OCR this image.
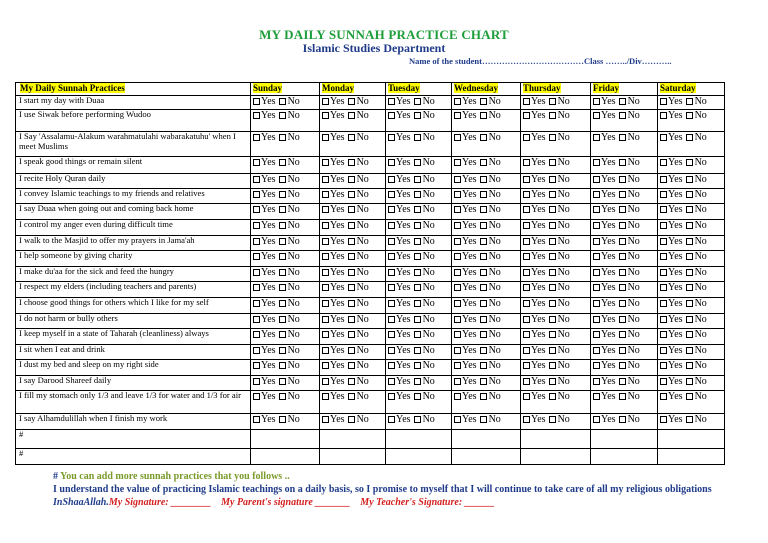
MY DAILY SUNNAH PRACTICE CHART
Islamic Studies Department
Name of the student………………………………Class ……../Div………..
My Daily Sunnah Practices	Sunday	Monday	Tuesday	Wednesday	Thursday	Friday	Saturday
I start my day with Duaa	Yes No	Yes No	Yes No	Yes No	Yes No	Yes No	Yes No
I use Siwak before performing Wudoo	Yes No	Yes No	Yes No	Yes No	Yes No	Yes No	Yes No
I Say 'Assalamu-Alakum warahmatulahi wabarakatuhu' when I meet Muslims	Yes No	Yes No	Yes No	Yes No	Yes No	Yes No	Yes No
I speak good things or remain silent	Yes No	Yes No	Yes No	Yes No	Yes No	Yes No	Yes No
I recite Holy Quran daily	Yes No	Yes No	Yes No	Yes No	Yes No	Yes No	Yes No
I convey Islamic teachings to my friends and relatives	Yes No	Yes No	Yes No	Yes No	Yes No	Yes No	Yes No
I say Duaa when going out and coming back home	Yes No	Yes No	Yes No	Yes No	Yes No	Yes No	Yes No
I control my anger even during difficult time	Yes No	Yes No	Yes No	Yes No	Yes No	Yes No	Yes No
I walk to the Masjid to offer my prayers in Jama'ah	Yes No	Yes No	Yes No	Yes No	Yes No	Yes No	Yes No
I help someone by giving charity	Yes No	Yes No	Yes No	Yes No	Yes No	Yes No	Yes No
I make du'aa for the sick and feed the hungry	Yes No	Yes No	Yes No	Yes No	Yes No	Yes No	Yes No
I respect my elders (including teachers and parents)	Yes No	Yes No	Yes No	Yes No	Yes No	Yes No	Yes No
I choose good things for others which I like for my self	Yes No	Yes No	Yes No	Yes No	Yes No	Yes No	Yes No
I do not harm or bully others	Yes No	Yes No	Yes No	Yes No	Yes No	Yes No	Yes No
I keep myself in a state of Taharah (cleanliness) always	Yes No	Yes No	Yes No	Yes No	Yes No	Yes No	Yes No
I sit when I eat and drink	Yes No	Yes No	Yes No	Yes No	Yes No	Yes No	Yes No
I dust my bed and sleep on my right side	Yes No	Yes No	Yes No	Yes No	Yes No	Yes No	Yes No
I say Darood Shareef daily	Yes No	Yes No	Yes No	Yes No	Yes No	Yes No	Yes No
I fill my stomach only 1/3 and leave 1/3 for water and 1/3 for air	Yes No	Yes No	Yes No	Yes No	Yes No	Yes No	Yes No
I say Alhamdulillah when I finish my work	Yes No	Yes No	Yes No	Yes No	Yes No	Yes No	Yes No
#							
#							
# You can add more sunnah practices that you follows ..
I understand the value of practicing Islamic teachings on a daily basis, so I promise to myself that I will continue to take care of all my religious obligations InShaaAllah.My Signature: ________ My Parent's signature _______ My Teacher's Signature: ______
